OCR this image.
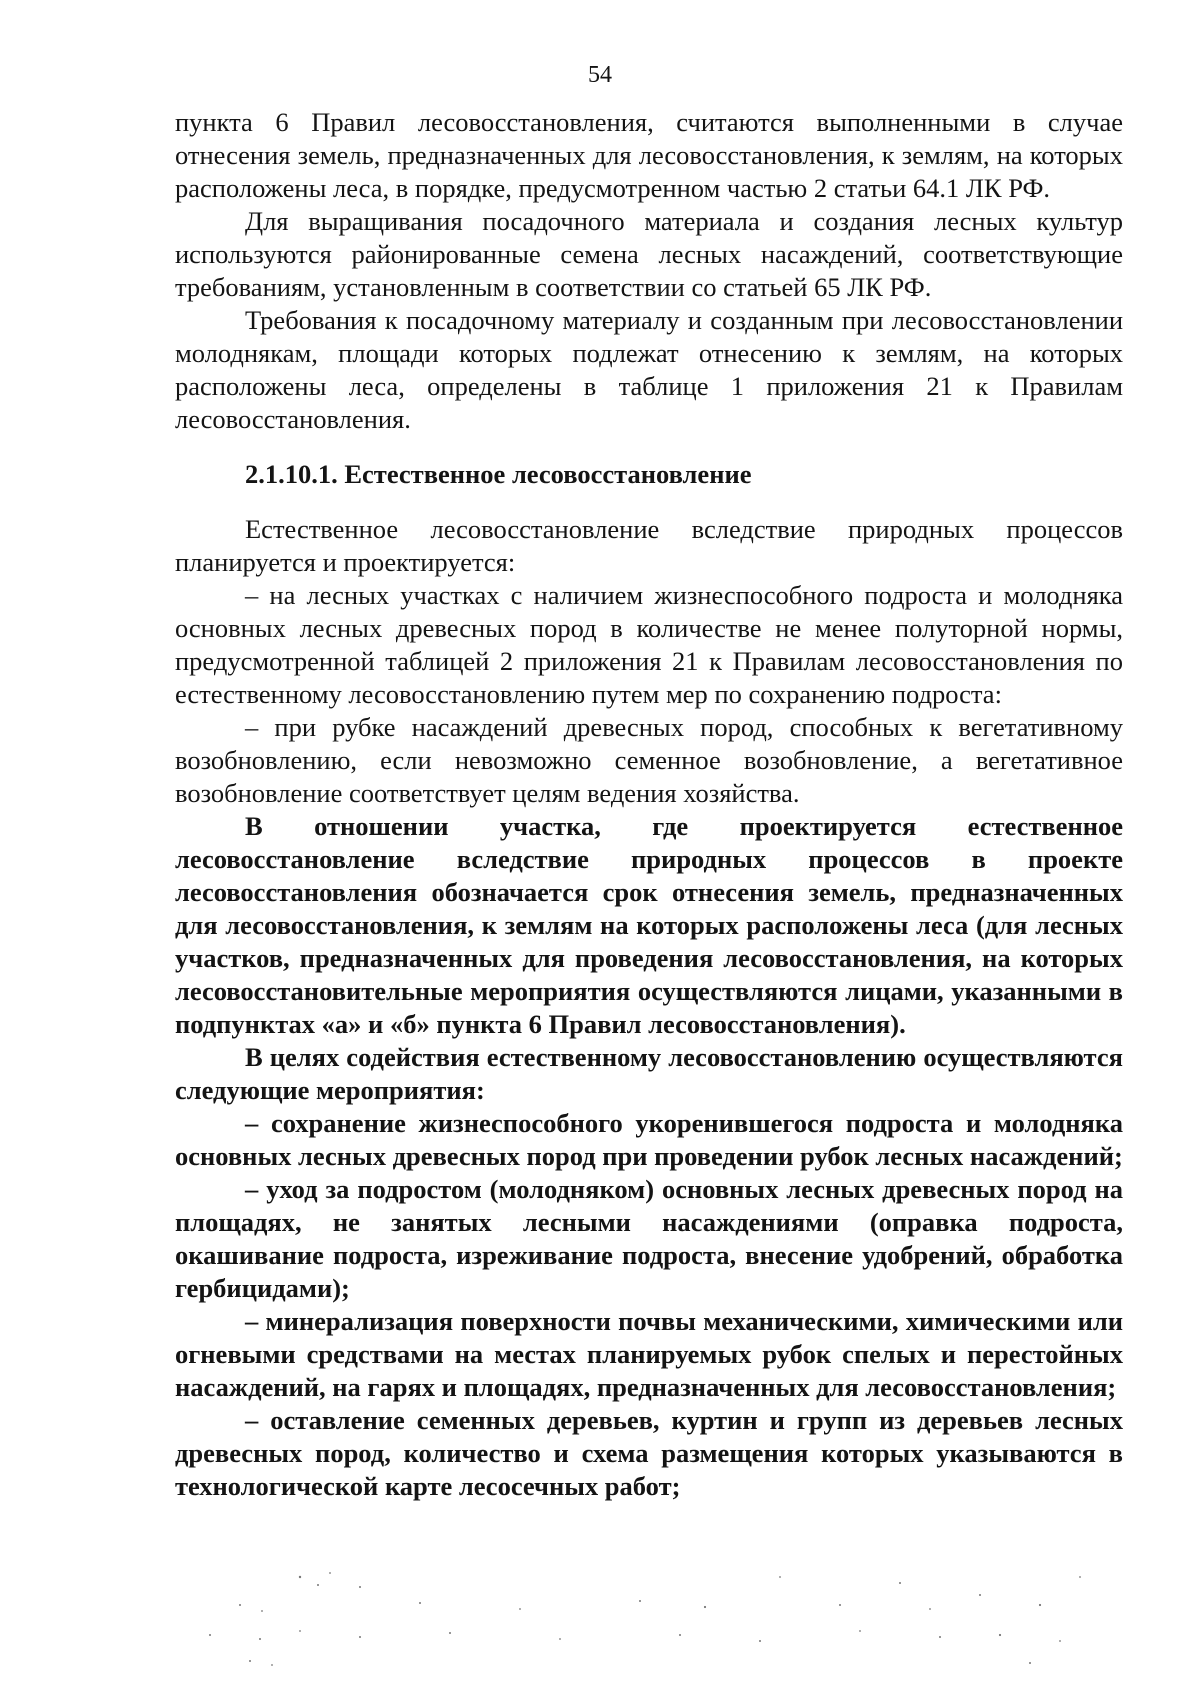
54

пункта 6 Правил лесовосстановления, считаются выполненными в случае отнесения земель, предназначенных для лесовосстановления, к землям, на которых расположены леса, в порядке, предусмотренном частью 2 статьи 64.1 ЛК РФ.

Для выращивания посадочного материала и создания лесных культур используются районированные семена лесных насаждений, соответствующие требованиям, установленным в соответствии со статьей 65 ЛК РФ.

Требования к посадочному материалу и созданным при лесовосстановлении молоднякам, площади которых подлежат отнесению к землям, на которых расположены леса, определены в таблице 1 приложения 21 к Правилам лесовосстановления.

2.1.10.1. Естественное лесовосстановление

Естественное лесовосстановление вследствие природных процессов планируется и проектируется:

– на лесных участках с наличием жизнеспособного подроста и молодняка основных лесных древесных пород в количестве не менее полуторной нормы, предусмотренной таблицей 2 приложения 21 к Правилам лесовосстановления по естественному лесовосстановлению путем мер по сохранению подроста:

– при рубке насаждений древесных пород, способных к вегетативному возобновлению, если невозможно семенное возобновление, а вегетативное возобновление соответствует целям ведения хозяйства.

В отношении участка, где проектируется естественное лесовосстановление вследствие природных процессов в проекте лесовосстановления обозначается срок отнесения земель, предназначенных для лесовосстановления, к землям на которых расположены леса (для лесных участков, предназначенных для проведения лесовосстановления, на которых лесовосстановительные мероприятия осуществляются лицами, указанными в подпунктах «а» и «б» пункта 6 Правил лесовосстановления).

В целях содействия естественному лесовосстановлению осуществляются следующие мероприятия:

– сохранение жизнеспособного укоренившегося подроста и молодняка основных лесных древесных пород при проведении рубок лесных насаждений;

– уход за подростом (молодняком) основных лесных древесных пород на площадях, не занятых лесными насаждениями (оправка подроста, окашивание подроста, изреживание подроста, внесение удобрений, обработка гербицидами);

– минерализация поверхности почвы механическими, химическими или огневыми средствами на местах планируемых рубок спелых и перестойных насаждений, на гарях и площадях, предназначенных для лесовосстановления;

– оставление семенных деревьев, куртин и групп из деревьев лесных древесных пород, количество и схема размещения которых указываются в технологической карте лесосечных работ;
